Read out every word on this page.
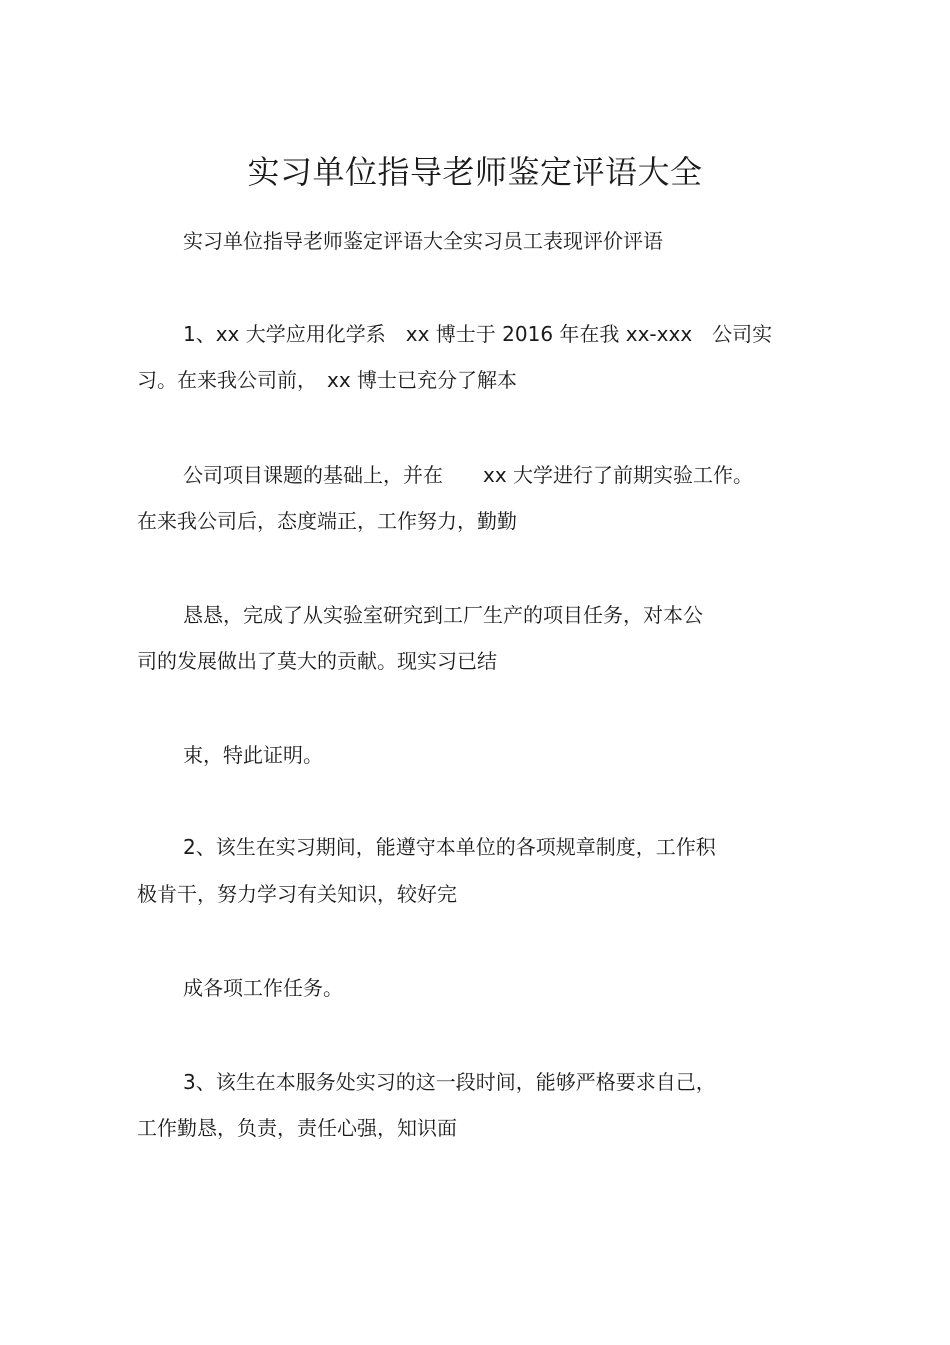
实习单位指导老师鉴定评语大全

实习单位指导老师鉴定评语大全实习员工表现评价评语

1、xx 大学应用化学系　xx 博士于 2016 年在我 xx-xxx　公司实

习。在来我公司前，　xx 博士已充分了解本

公司项目课题的基础上，并在　　xx 大学进行了前期实验工作。

在来我公司后，态度端正，工作努力，勤勤

恳恳，完成了从实验室研究到工厂生产的项目任务，对本公

司的发展做出了莫大的贡献。现实习已结

束，特此证明。

2、该生在实习期间，能遵守本单位的各项规章制度，工作积

极肯干，努力学习有关知识，较好完

成各项工作任务。

3、该生在本服务处实习的这一段时间，能够严格要求自己，

工作勤恳，负责，责任心强，知识面
